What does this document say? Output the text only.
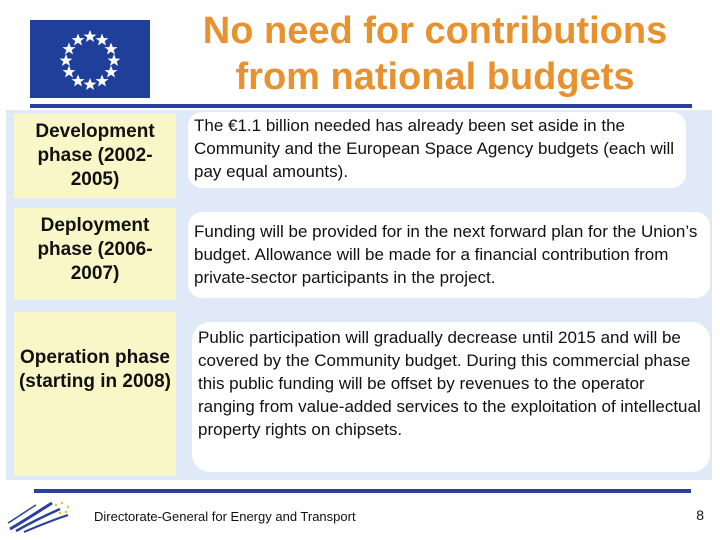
No need for contributions
from national budgets
Development phase (2002-2005)
The €1.1 billion needed has already been set aside in the Community and the European Space Agency budgets (each will pay equal amounts).
Deployment phase (2006-2007)
Funding will be provided for in the next forward plan for the Union’s budget. Allowance will be made for a financial contribution from private-sector participants in the project.
Operation phase (starting in 2008)
Public participation will gradually decrease until 2015 and will be covered by the Community budget. During this commercial phase this public funding will be offset by revenues to the operator ranging from value-added services to the exploitation of intellectual property rights on chipsets.
Directorate-General for Energy and Transport	8
